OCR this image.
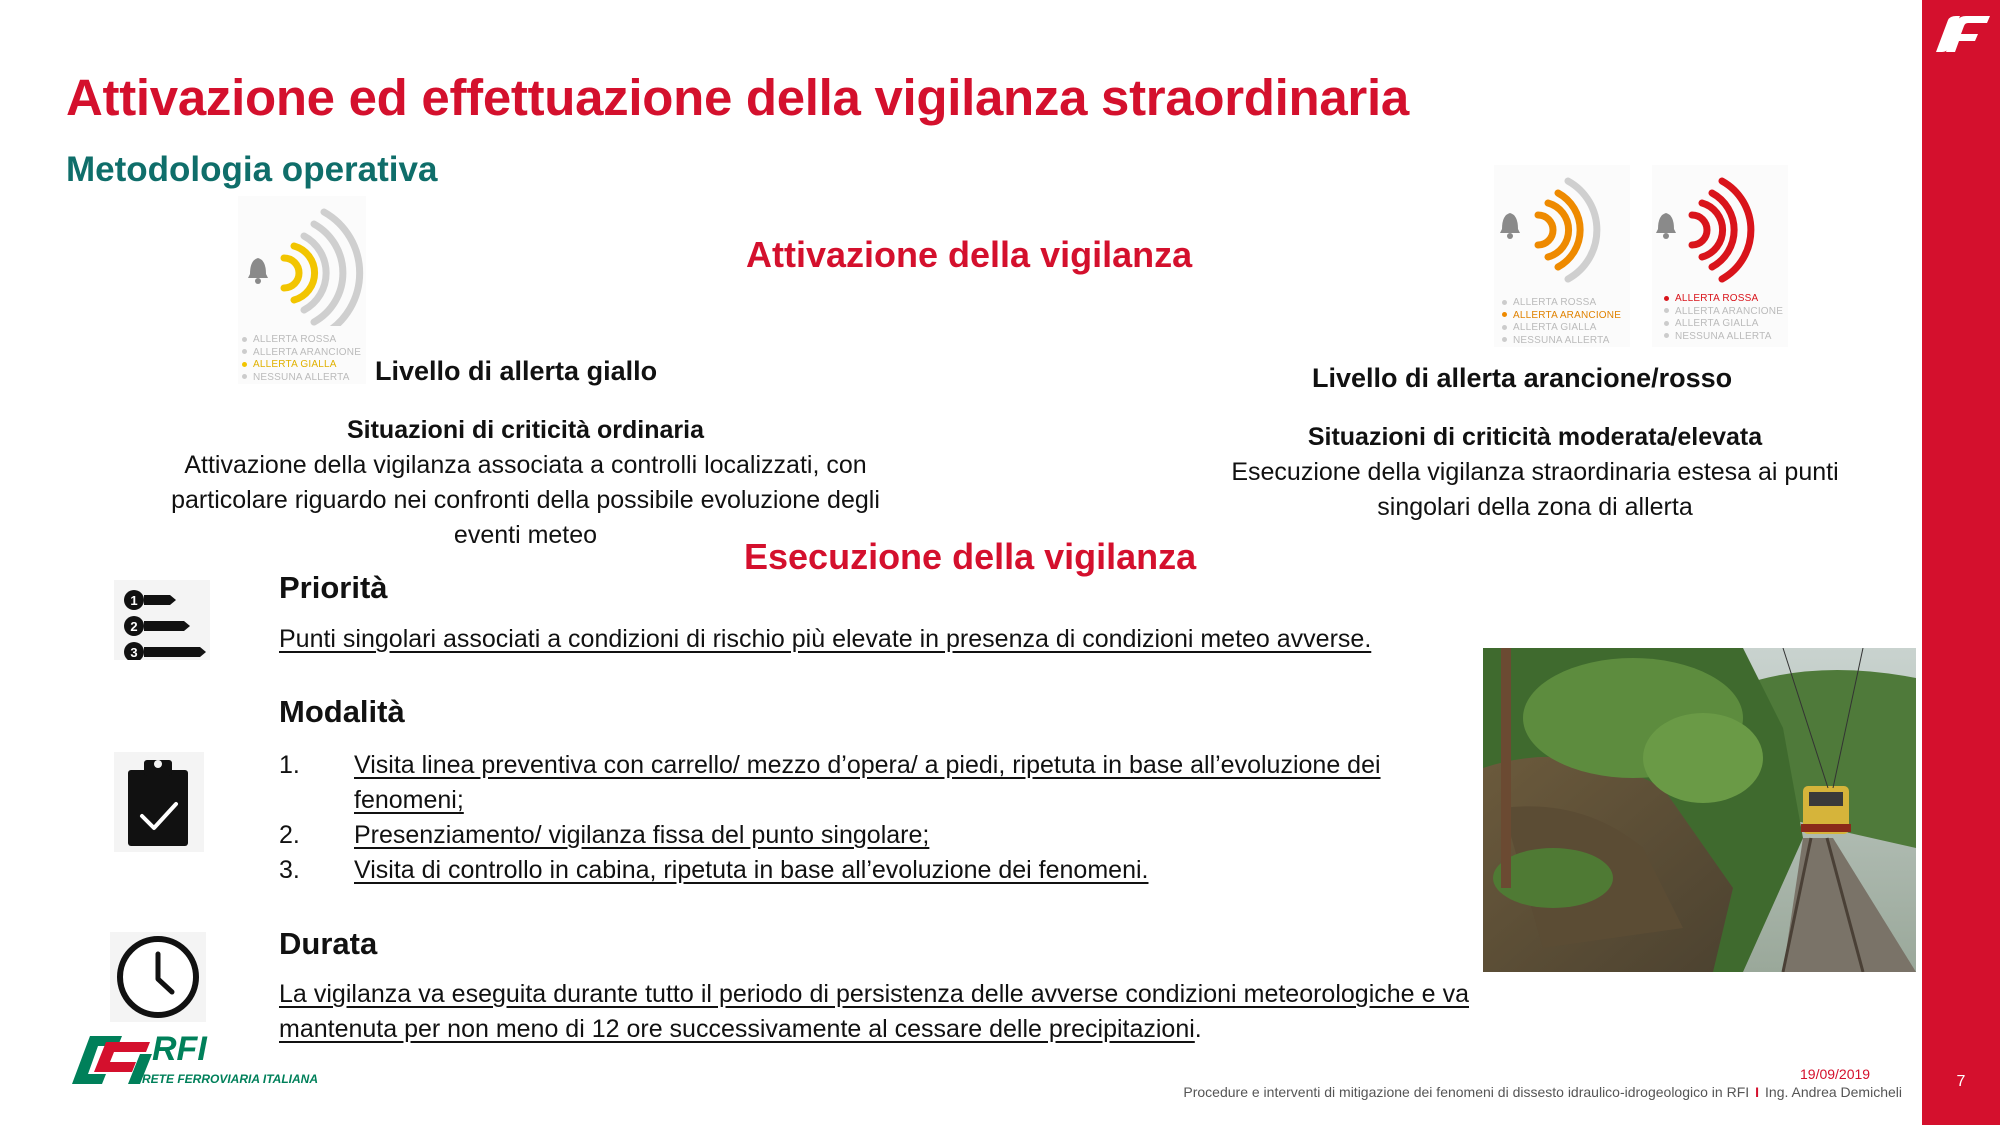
7
Attivazione ed effettuazione della vigilanza straordinaria
Metodologia operativa
Attivazione della vigilanza
ALLERTA ROSSA
ALLERTA ARANCIONE
ALLERTA GIALLA
NESSUNA ALLERTA
ALLERTA ROSSA
ALLERTA ARANCIONE
ALLERTA GIALLA
NESSUNA ALLERTA
ALLERTA ROSSA
ALLERTA ARANCIONE
ALLERTA GIALLA
NESSUNA ALLERTA
Livello di allerta giallo	Livello di allerta arancione/rosso
Situazioni di criticità ordinaria
Attivazione della vigilanza associata a controlli localizzati, con particolare riguardo nei confronti della possibile evoluzione degli eventi meteo
Situazioni di criticità moderata/elevata
Esecuzione della vigilanza straordinaria estesa ai punti singolari della zona di allerta
Esecuzione della vigilanza
1
2
3
Priorità
Punti singolari associati a condizioni di rischio più elevate in presenza di condizioni meteo avverse.
Modalità
1. Visita linea preventiva con carrello/ mezzo d’opera/ a piedi, ripetuta in base all’evoluzione dei fenomeni;
2. Presenziamento/ vigilanza fissa del punto singolare;
3. Visita di controllo in cabina, ripetuta in base all’evoluzione dei fenomeni.
Durata
La vigilanza va eseguita durante tutto il periodo di persistenza delle avverse condizioni meteorologiche e va mantenuta per non meno di 12 ore successivamente al cessare delle precipitazioni.
RFI
RETE FERROVIARIA ITALIANA	19/09/2019
Procedure e interventi di mitigazione dei fenomeni di dissesto idraulico-idrogeologico in RFI I Ing. Andrea Demicheli
